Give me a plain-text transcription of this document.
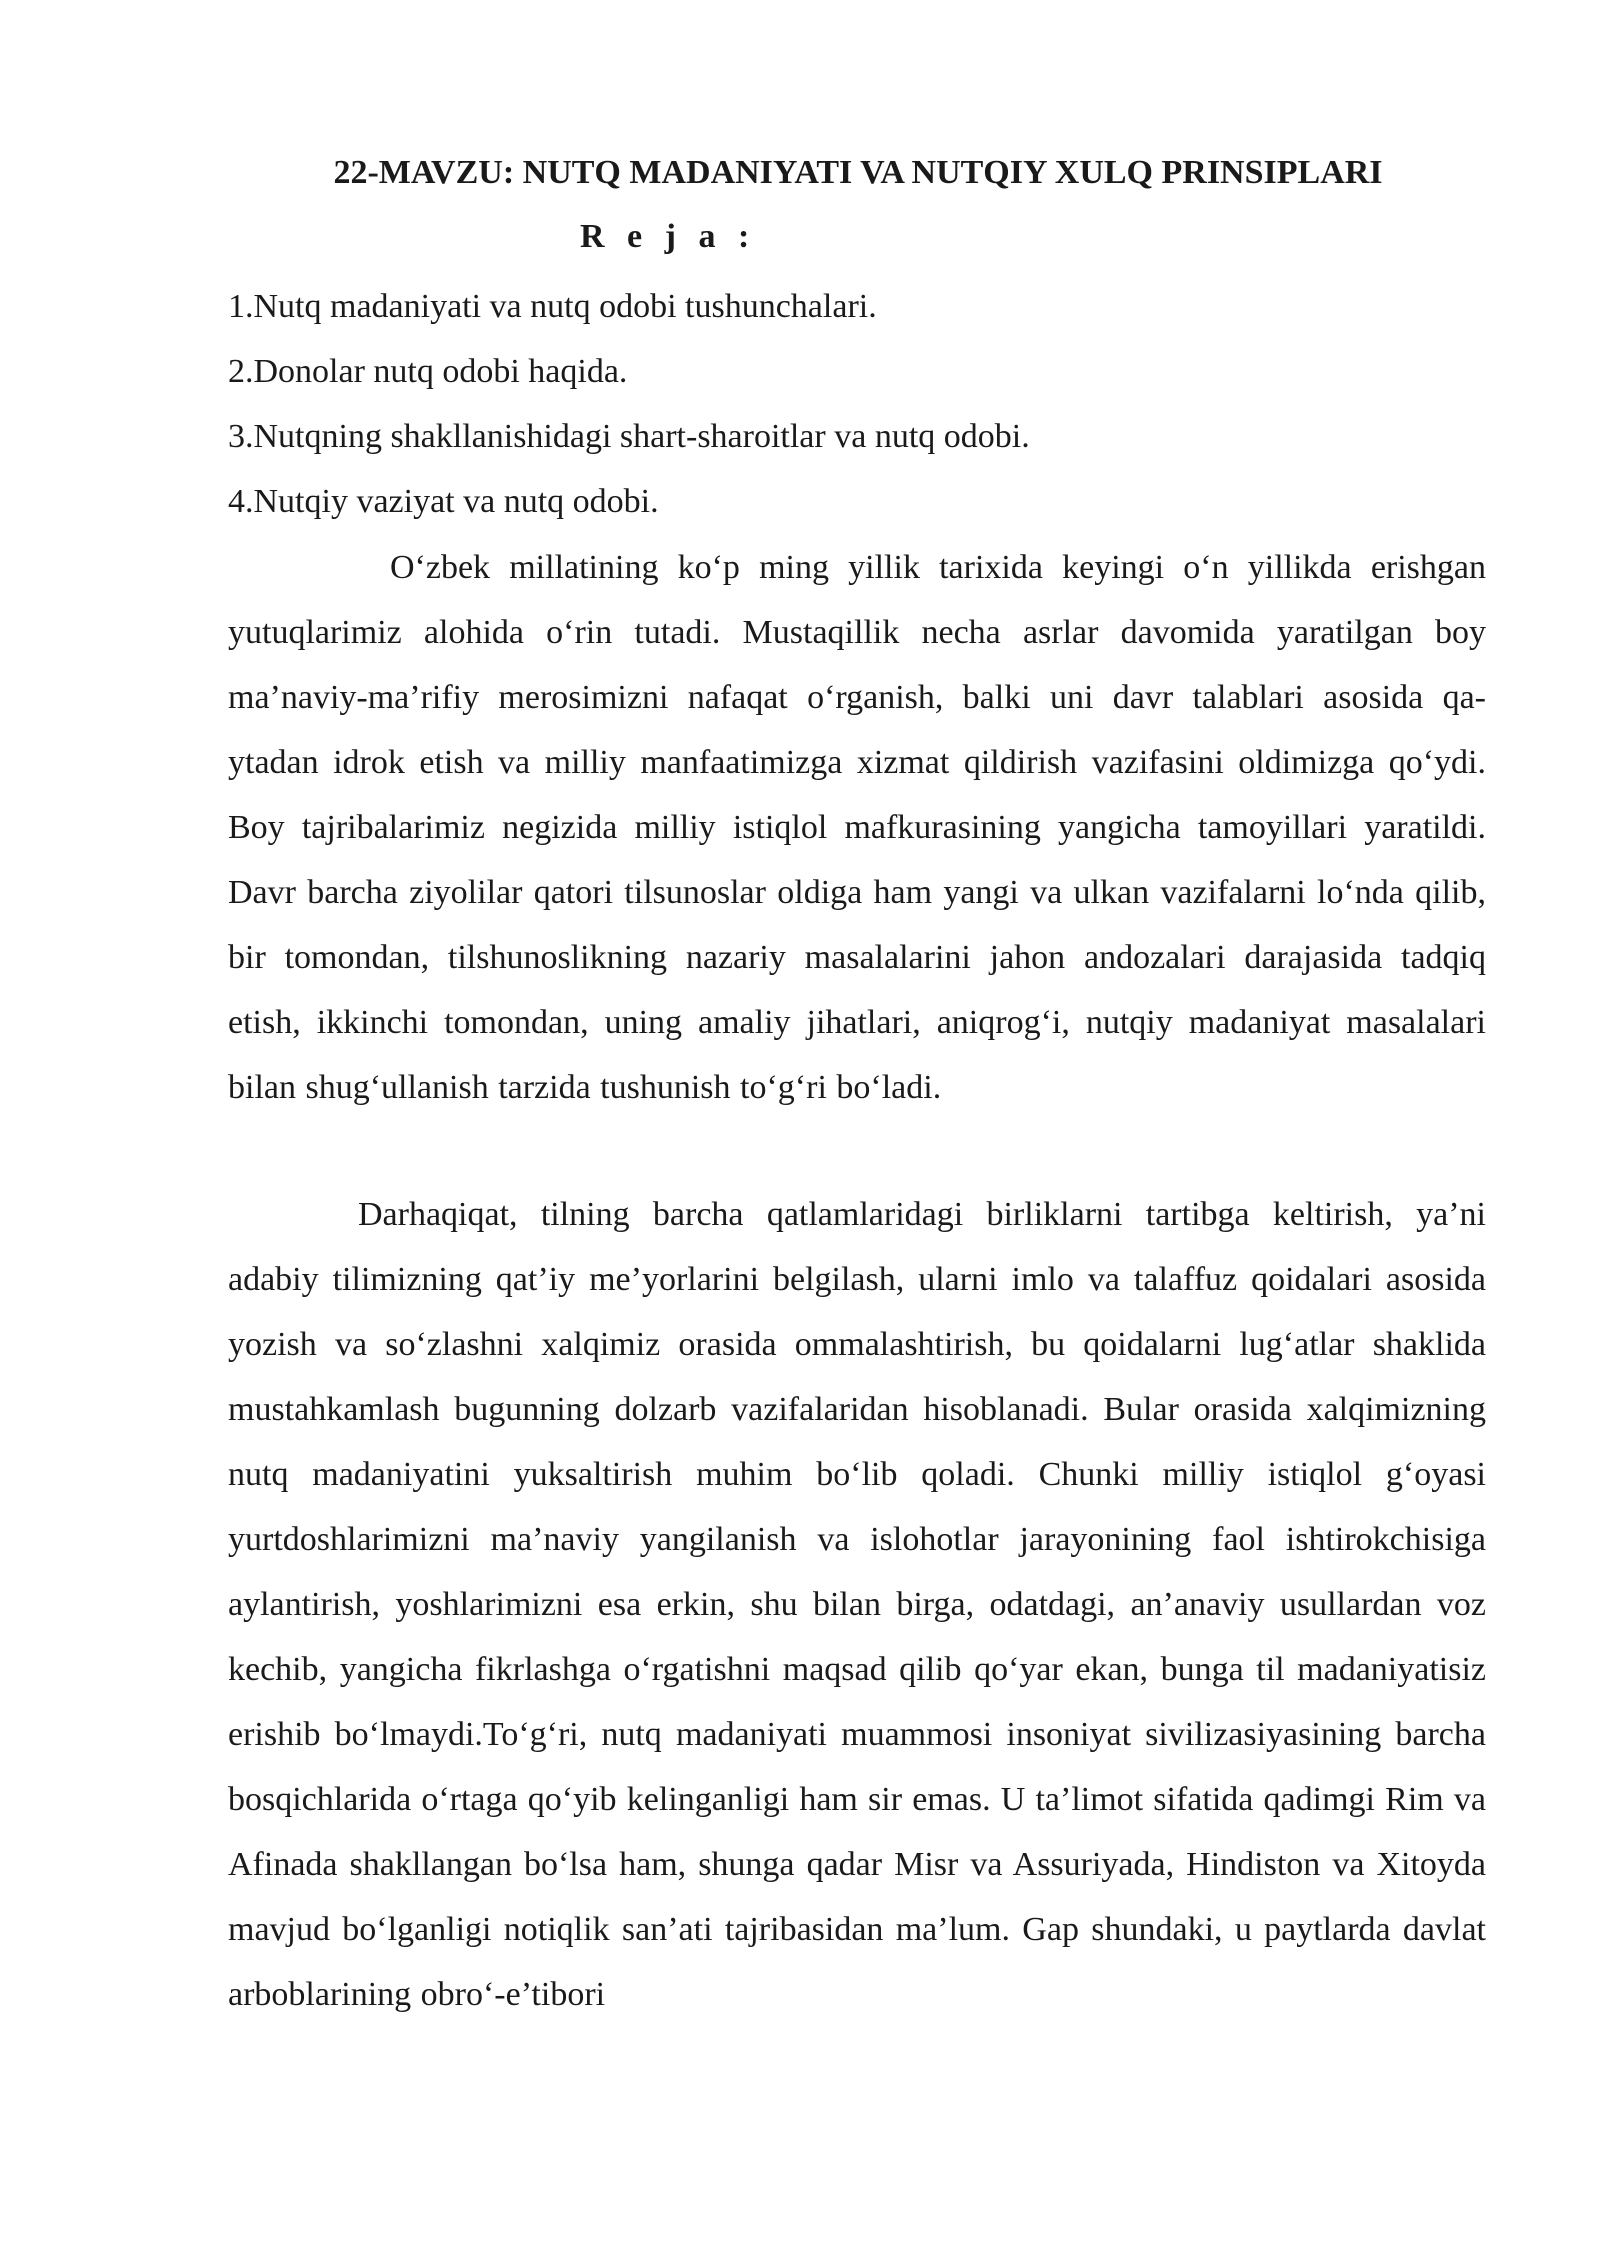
22-MAVZU: NUTQ MADANIYATI VA NUTQIY XULQ PRINSIPLARI
R e j a :
1.Nutq madaniyati va nutq odobi tushunchalari.
2.Donolar nutq odobi haqida.
3.Nutqning shakllanishidagi shart-sharoitlar va nutq odobi.
4.Nutqiy vaziyat va nutq odobi.

O‘zbek millatining ko‘p ming yillik tarixida keyingi o‘n yillikda erishgan yutuqlarimiz alohida o‘rin tutadi. Mustaqillik necha asrlar davomida yaratilgan boy ma’naviy-ma’rifiy merosimizni nafaqat o‘rganish, balki uni davr talablari asosida qa-ytadan idrok etish va milliy manfaatimizga xizmat qildirish vazifasini oldimizga qo‘ydi. Boy tajribalarimiz negizida milliy istiqlol mafkurasining yangicha tamoyillari yaratildi. Davr barcha ziyolilar qatori tilsunoslar oldiga ham yangi va ulkan vazifalarni lo‘nda qilib, bir tomondan, tilshunoslikning nazariy masalalarini jahon andozalari darajasida tadqiq etish, ikkinchi tomondan, uning amaliy jihatlari, aniqrog‘i, nutqiy madaniyat masalalari bilan shug‘ullanish tarzida tushunish to‘g‘ri bo‘ladi.

Darhaqiqat, tilning barcha qatlamlaridagi birliklarni tartibga keltirish, ya’ni adabiy tilimizning qat’iy me’yorlarini belgilash, ularni imlo va talaffuz qoidalari asosida yozish va so‘zlashni xalqimiz orasida ommalashtirish, bu qoidalarni lug‘atlar shaklida mustahkamlash bugunning dolzarb vazifalaridan hisoblanadi. Bular orasida xalqimizning nutq madaniyatini yuksaltirish muhim bo‘lib qoladi. Chunki milliy istiqlol g‘oyasi yurtdoshlarimizni ma’naviy yangilanish va islohotlar jarayonining faol ishtirokchisiga aylantirish, yoshlarimizni esa erkin, shu bilan birga, odatdagi, an’anaviy usullardan voz kechib, yangicha fikrlashga o‘rgatishni maqsad qilib qo‘yar ekan, bunga til madaniyatisiz erishib bo‘lmaydi.To‘g‘ri, nutq madaniyati muammosi insoniyat sivilizasiyasining barcha bosqichlarida o‘rtaga qo‘yib kelinganligi ham sir emas. U ta’limot sifatida qadimgi Rim va Afinada shakllangan bo‘lsa ham, shunga qadar Misr va Assuriyada, Hindiston va Xitoyda mavjud bo‘lganligi notiqlik san’ati tajribasidan ma’lum. Gap shundaki, u paytlarda davlat arboblarining obro‘-e’tibori
